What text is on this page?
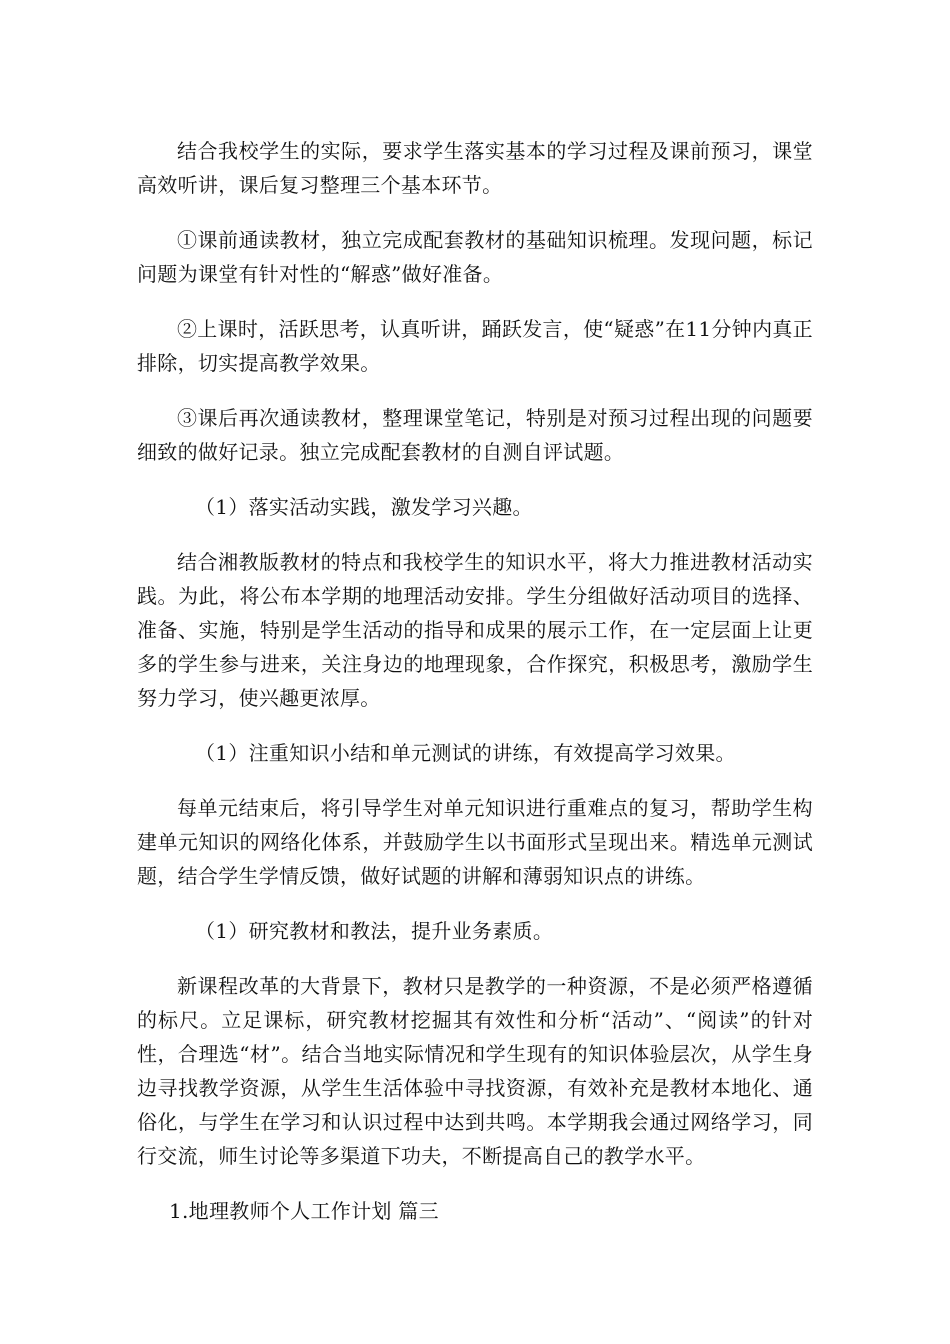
结合我校学生的实际，要求学生落实基本的学习过程及课前预习，课堂高效听讲，课后复习整理三个基本环节。

①课前通读教材，独立完成配套教材的基础知识梳理。发现问题，标记问题为课堂有针对性的“解惑”做好准备。

②上课时，活跃思考，认真听讲，踊跃发言，使“疑惑”在11分钟内真正排除，切实提高教学效果。

③课后再次通读教材，整理课堂笔记，特别是对预习过程出现的问题要细致的做好记录。独立完成配套教材的自测自评试题。

（1）落实活动实践，激发学习兴趣。

结合湘教版教材的特点和我校学生的知识水平，将大力推进教材活动实践。为此，将公布本学期的地理活动安排。学生分组做好活动项目的选择、准备、实施，特别是学生活动的指导和成果的展示工作，在一定层面上让更多的学生参与进来，关注身边的地理现象，合作探究，积极思考，激励学生努力学习，使兴趣更浓厚。

（1）注重知识小结和单元测试的讲练，有效提高学习效果。

每单元结束后，将引导学生对单元知识进行重难点的复习，帮助学生构建单元知识的网络化体系，并鼓励学生以书面形式呈现出来。精选单元测试题，结合学生学情反馈，做好试题的讲解和薄弱知识点的讲练。

（1）研究教材和教法，提升业务素质。

新课程改革的大背景下，教材只是教学的一种资源，不是必须严格遵循的标尺。立足课标，研究教材挖掘其有效性和分析“活动”、“阅读”的针对性，合理选“材”。结合当地实际情况和学生现有的知识体验层次，从学生身边寻找教学资源，从学生生活体验中寻找资源，有效补充是教材本地化、通俗化，与学生在学习和认识过程中达到共鸣。本学期我会通过网络学习，同行交流，师生讨论等多渠道下功夫，不断提高自己的教学水平。

1.地理教师个人工作计划 篇三
